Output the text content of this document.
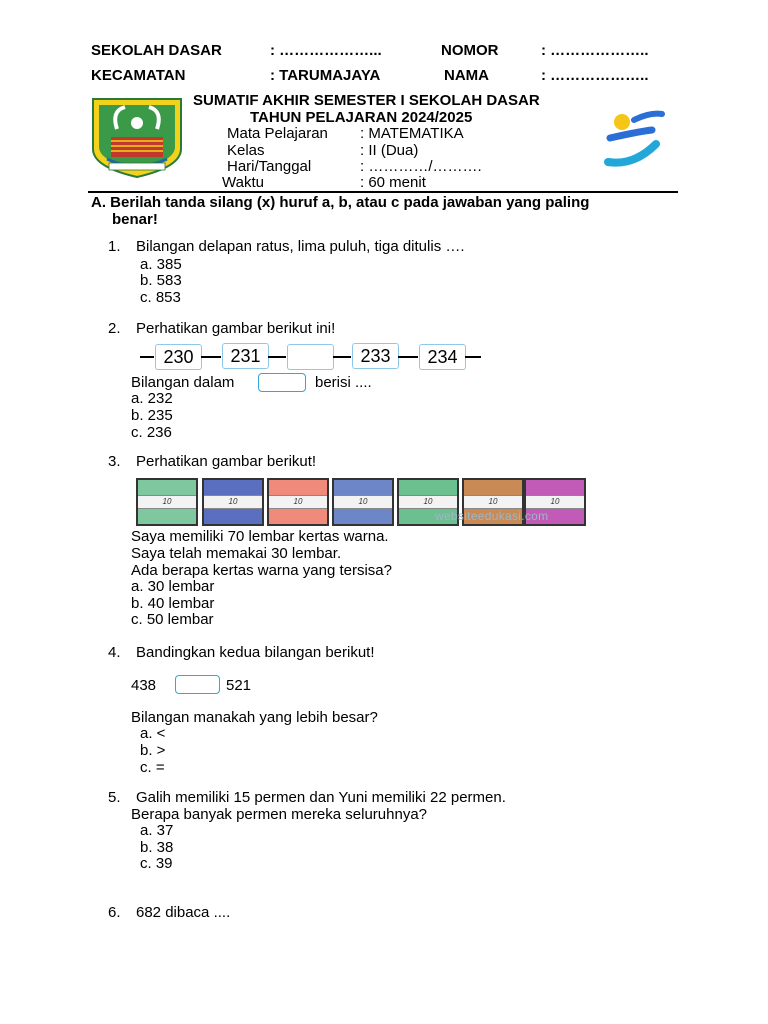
SEKOLAH DASAR	: ………………...	NOMOR	: ………………..
KECAMATAN	: TARUMAJAYA	NAMA	: ………………..
SUMATIF AKHIR SEMESTER I SEKOLAH DASAR
TAHUN PELAJARAN 2024/2025
Mata Pelajaran : MATEMATIKA
Kelas	: II (Dua)
Hari/Tanggal	: …………/……….
Waktu	: 60 menit
A. Berilah tanda silang (x) huruf a, b, atau c pada jawaban yang paling
benar!
1. Bilangan delapan ratus, lima puluh, tiga ditulis ….
a. 385
b. 583
c. 853
2. Perhatikan gambar berikut ini!
230	231	233	234
Bilangan dalam	berisi ....
a. 232
b. 235
c. 236
3. Perhatikan gambar berikut!
10	10	10	10	10	10	10
websiteedukasi.com
Saya memiliki 70 lembar kertas warna.
Saya telah memakai 30 lembar.
Ada berapa kertas warna yang tersisa?
a. 30 lembar
b. 40 lembar
c. 50 lembar
4. Bandingkan kedua bilangan berikut!
438	521
Bilangan manakah yang lebih besar?
a. <
b. >
c. =
5. Galih memiliki 15 permen dan Yuni memiliki 22 permen.
Berapa banyak permen mereka seluruhnya?
a. 37
b. 38
c. 39
6. 682 dibaca ....
